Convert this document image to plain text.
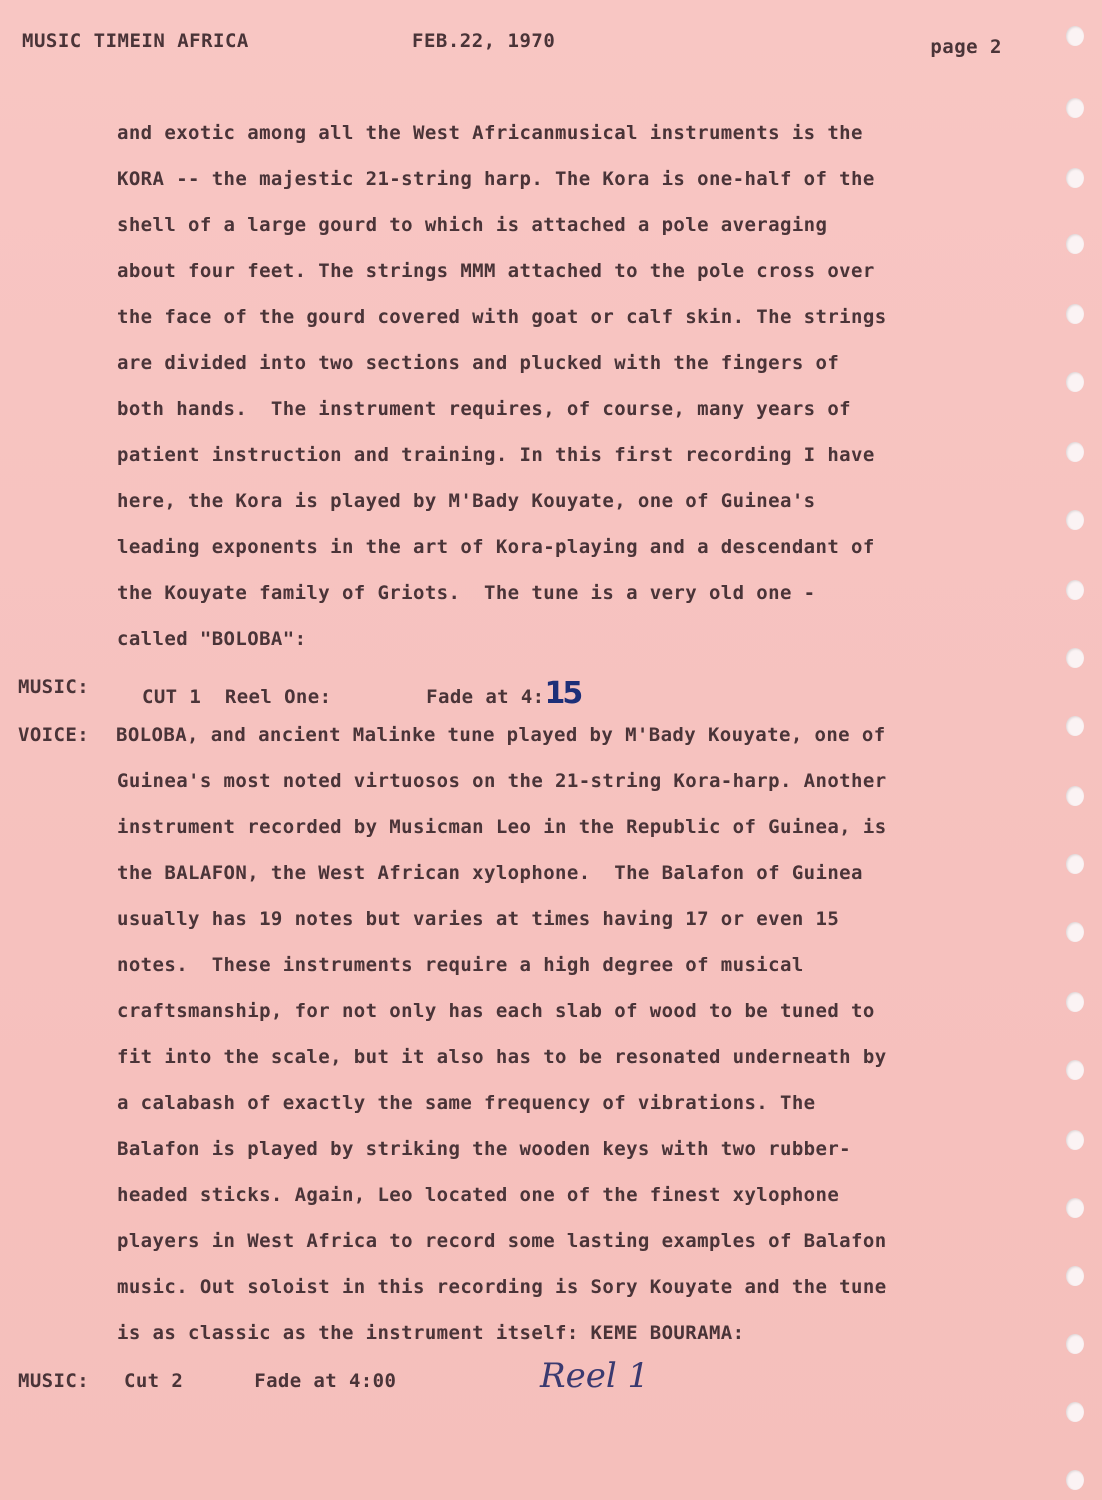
MUSIC TIMEIN AFRICA	FEB.22, 1970	page 2
and exotic among all the West Africanmusical instruments is the
KORA -- the majestic 21-string harp. The Kora is one-half of the
shell of a large gourd to which is attached a pole averaging
about four feet. The strings MMM attached to the pole cross over
the face of the gourd covered with goat or calf skin. The strings
are divided into two sections and plucked with the fingers of
both hands.  The instrument requires, of course, many years of
patient instruction and training. In this first recording I have
here, the Kora is played by M'Bady Kouyate, one of Guinea's
leading exponents in the art of Kora-playing and a descendant of
the Kouyate family of Griots.  The tune is a very old one -
called "BOLOBA":
MUSIC:	CUT 1  Reel One:        Fade at 4:15
VOICE: BOLOBA, and ancient Malinke tune played by M'Bady Kouyate, one of
Guinea's most noted virtuosos on the 21-string Kora-harp. Another
instrument recorded by Musicman Leo in the Republic of Guinea, is
the BALAFON, the West African xylophone.  The Balafon of Guinea
usually has 19 notes but varies at times having 17 or even 15
notes.  These instruments require a high degree of musical
craftsmanship, for not only has each slab of wood to be tuned to
fit into the scale, but it also has to be resonated underneath by
a calabash of exactly the same frequency of vibrations. The
Balafon is played by striking the wooden keys with two rubber-
headed sticks. Again, Leo located one of the finest xylophone
players in West Africa to record some lasting examples of Balafon
music. Out soloist in this recording is Sory Kouyate and the tune
is as classic as the instrument itself: KEME BOURAMA:
MUSIC: Cut 2      Fade at 4:00	Reel 1
